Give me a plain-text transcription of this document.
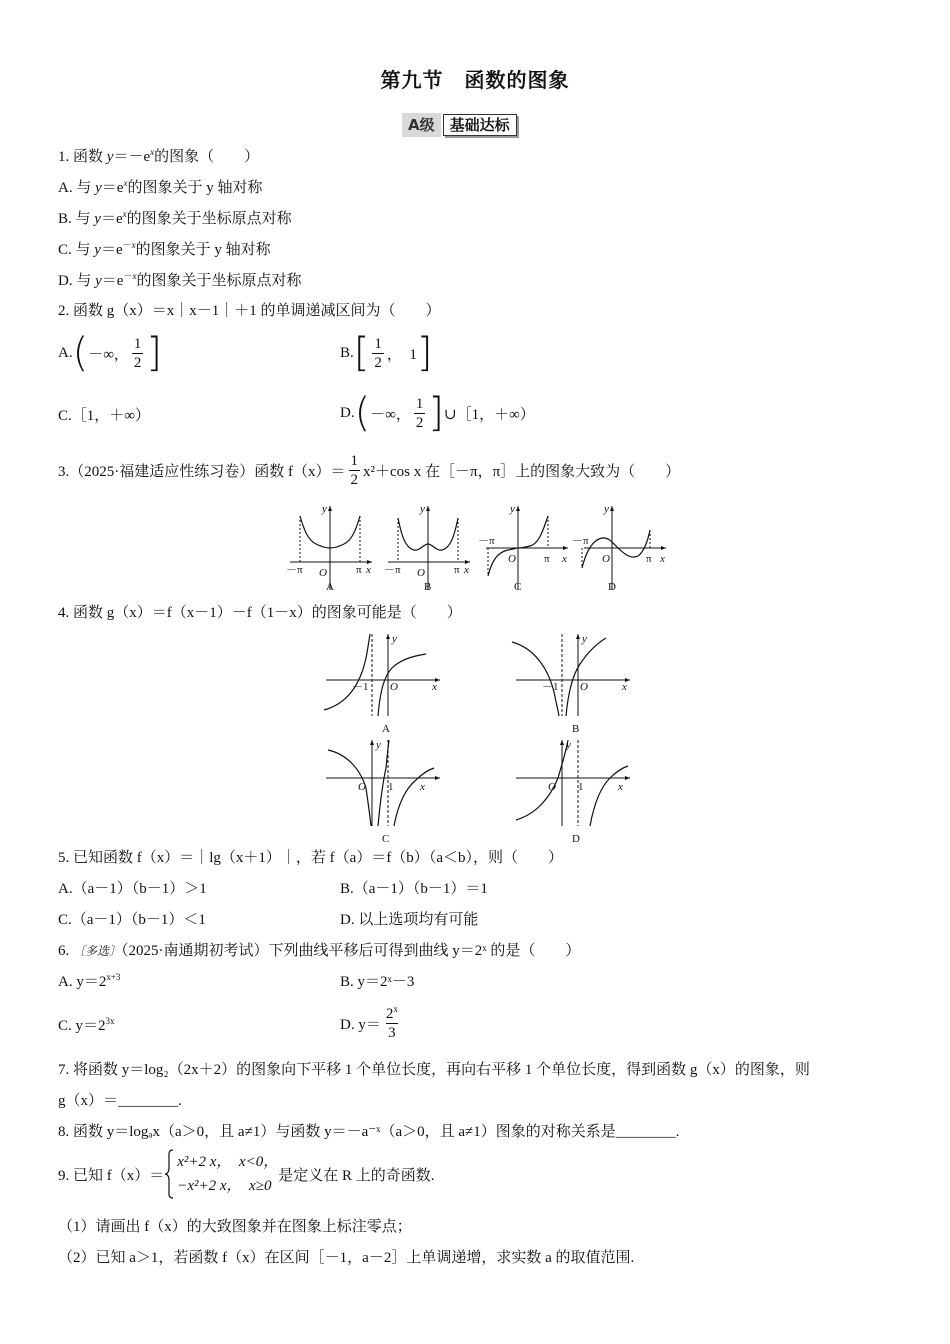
第九节　函数的图象
A级	基础达标
1. 函数 $y=-e^x$的图象（　　）
A. 与 $y=e^x$的图象关于 y 轴对称
B. 与 $y=e^x$的图象关于坐标原点对称
C. 与 $y=e^{-x}$的图象关于 y 轴对称
D. 与 $y=e^{-x}$的图象关于坐标原点对称
2. 函数 g（x）＝x｜x－1｜＋1 的单调递减区间为（　　）
A. ( －∞， $\frac{1}{2}$ ]	B. [ $\frac{1}{2}$ ，　1 ]
C.［1，＋∞）	D. ( －∞， $\frac{1}{2}$ ] ∪［1，＋∞）
3.（2025·福建适应性练习卷）函数 $f(x)= \frac{1}{2} x^2+\cos$ x 在［－π，π］上的图象大致为（　　）
y
O
－π	π x
A
y
O
－π	π x
B
y
O
－π
π x
C
y
O
－π
π x
D
4. 函数 g（x）＝f（x－1）－f（1－x）的图象可能是（　　）
y
O
－1	x
A
y
O
－1	x
B
y
O 1 x
C
y
O 1	x
D
5. 已知函数 f（x）＝｜lg（x＋1）｜，若 f（a）＝f（b）（a＜b），则（　　）
A.（a－1）（b－1）＞1	B.（a－1）（b－1）＝1
C.（a－1）（b－1）＜1	D. 以上选项均有可能
6. 〔多选〕（2025·南通期初考试）下列曲线平移后可得到曲线 y＝2ˣ 的是（　　）
A. $y=2^{x+3}$	B. y＝2ˣ－3
C. $y=2^{3x}$	D. $y= \frac{2^x}{3}$
7. 将函数 y＝log₂（2x＋2）的图象向下平移 1 个单位长度，再向右平移 1 个单位长度，得到函数 g（x）的图象，则
g（x）＝________.
8. 函数 y＝logₐx（a＞0，且 a≠1）与函数 y＝－a⁻ˣ（a＞0，且 a≠1）图象的对称关系是________.
9. 已知 f（x）＝
x²+2 x，　x<0，
−x²+2 x，　x≥0
是定义在 R 上的奇函数.
（1）请画出 f（x）的大致图象并在图象上标注零点；
（2）已知 a＞1，若函数 f（x）在区间［－1，a－2］上单调递增，求实数 a 的取值范围.
